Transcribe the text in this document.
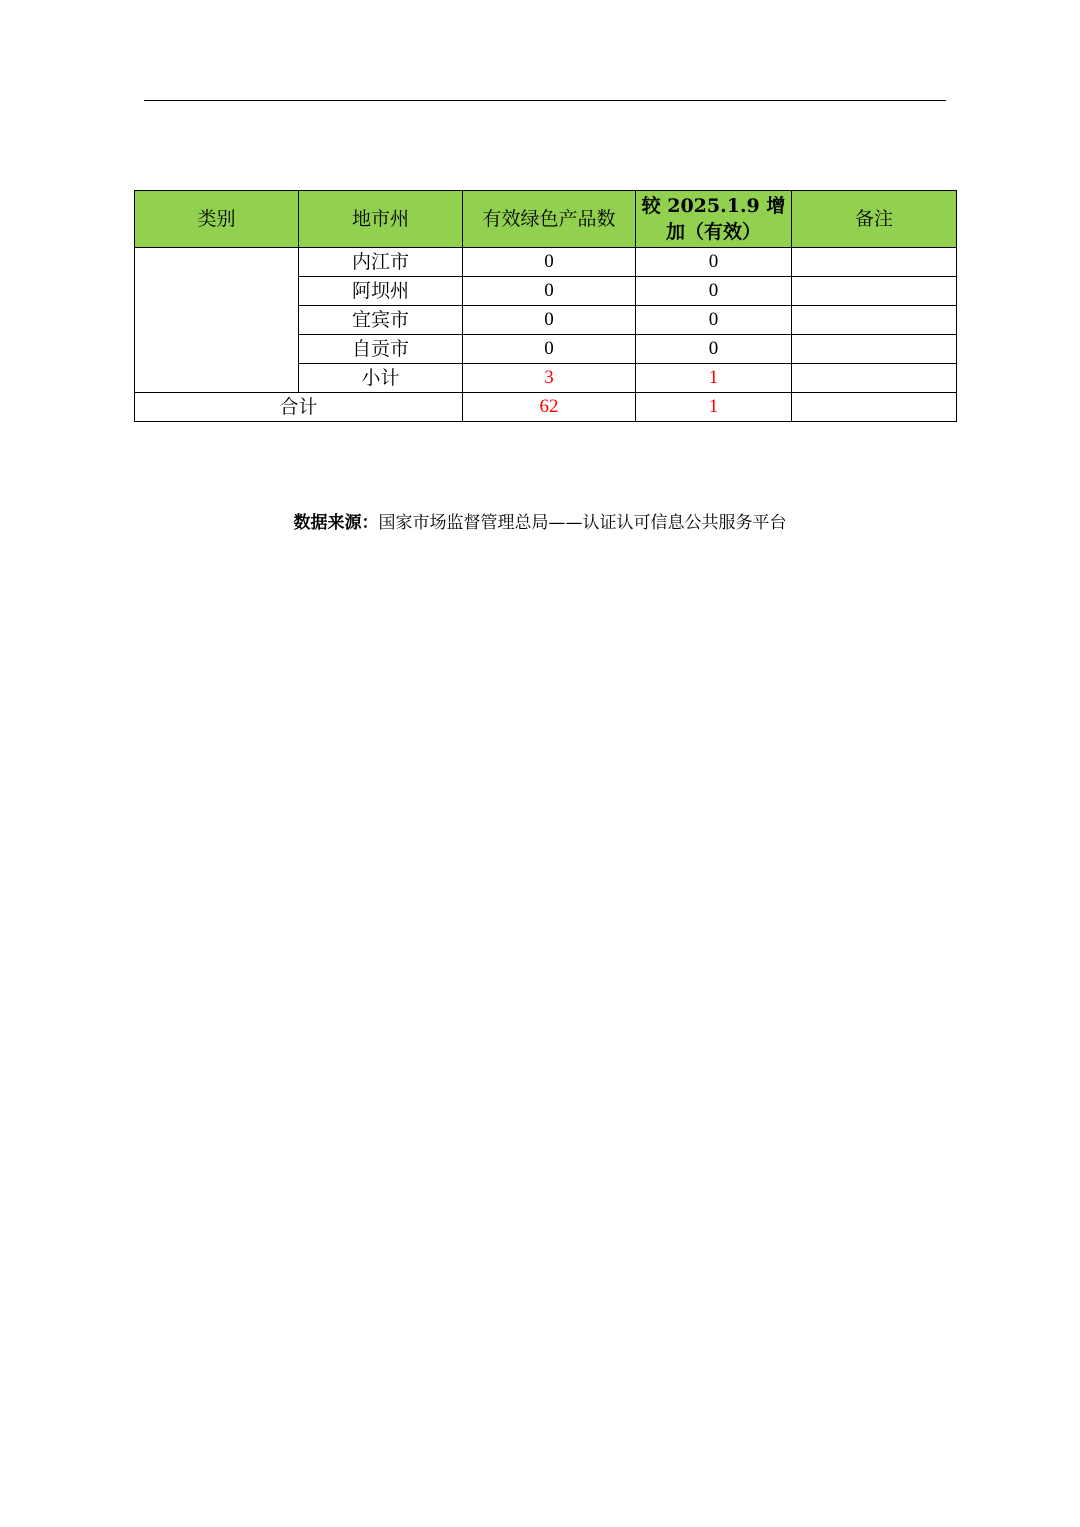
类别	地市州	有效绿色产品数	较 2025.1.9 增加（有效）	备注
	内江市	0	0	
	阿坝州	0	0	
	宜宾市	0	0	
	自贡市	0	0	
	小计	3	1	
合计		62	1	
数据来源：国家市场监督管理总局——认证认可信息公共服务平台
